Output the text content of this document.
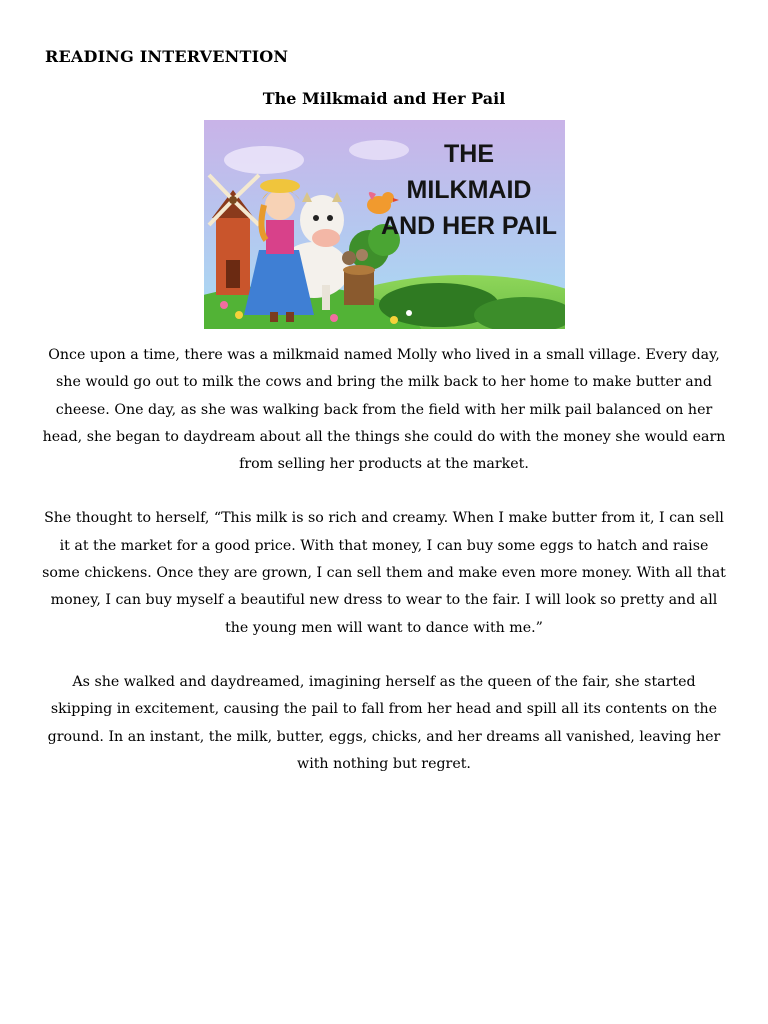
READING INTERVENTION
The Milkmaid and Her Pail
THE
MILKMAID
AND HER PAIL

Once upon a time, there was a milkmaid named Molly who lived in a small village. Every day, she would go out to milk the cows and bring the milk back to her home to make butter and cheese. One day, as she was walking back from the field with her milk pail balanced on her head, she began to daydream about all the things she could do with the money she would earn from selling her products at the market.

She thought to herself, “This milk is so rich and creamy. When I make butter from it, I can sell it at the market for a good price. With that money, I can buy some eggs to hatch and raise some chickens. Once they are grown, I can sell them and make even more money. With all that money, I can buy myself a beautiful new dress to wear to the fair. I will look so pretty and all the young men will want to dance with me.”

As she walked and daydreamed, imagining herself as the queen of the fair, she started skipping in excitement, causing the pail to fall from her head and spill all its contents on the ground. In an instant, the milk, butter, eggs, chicks, and her dreams all vanished, leaving her with nothing but regret.
